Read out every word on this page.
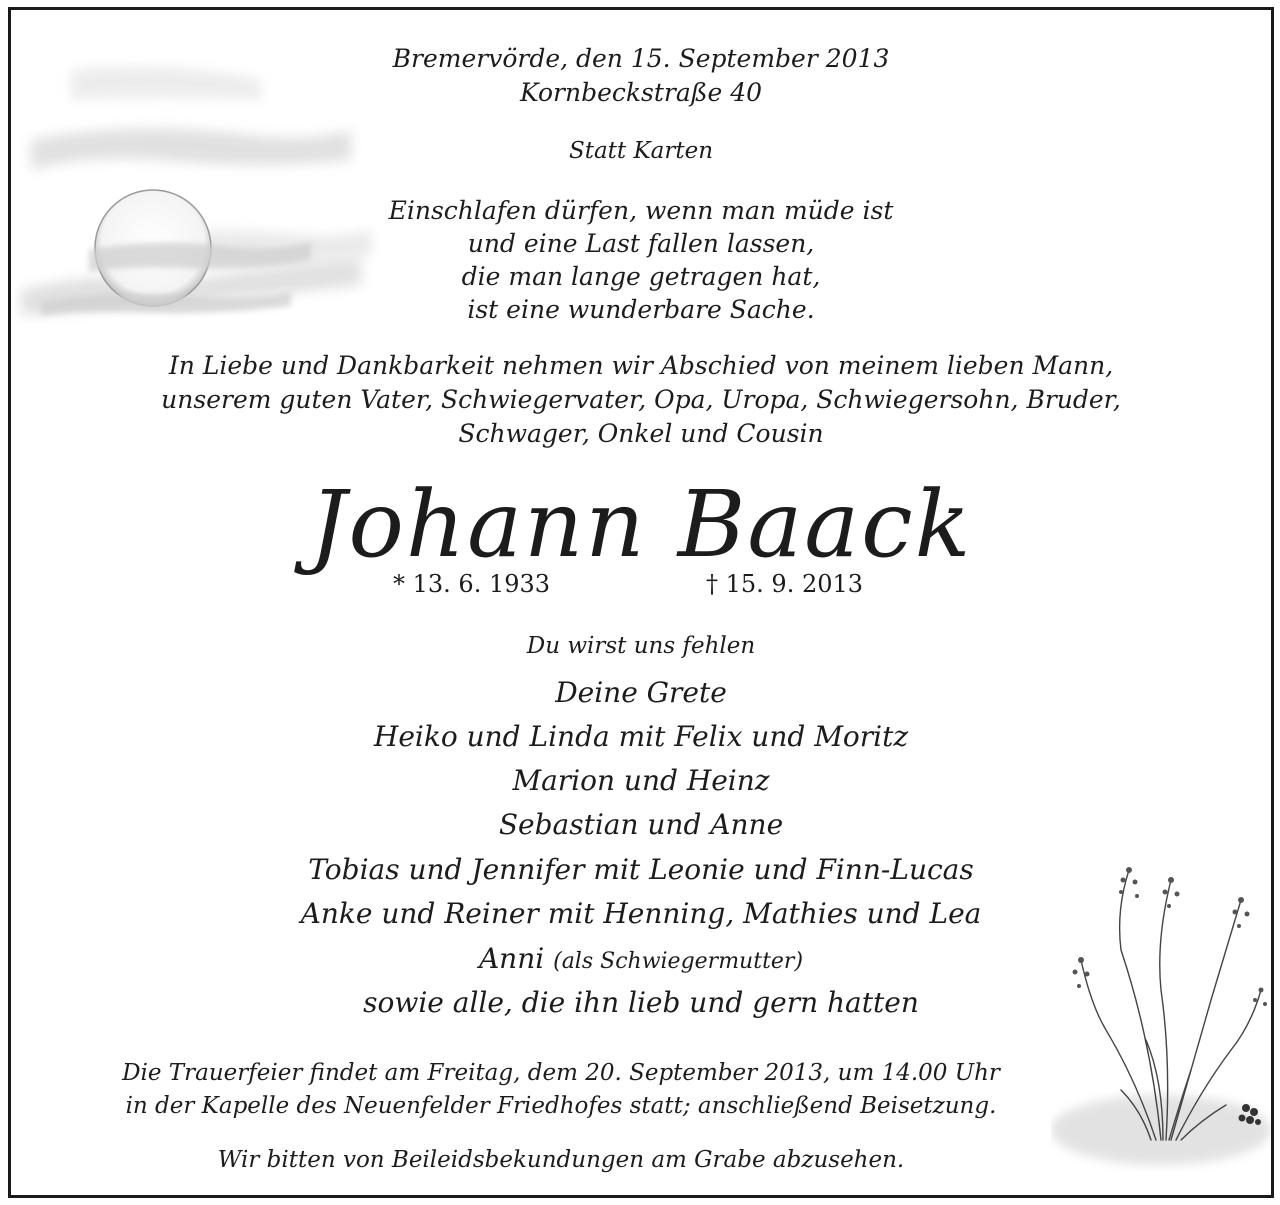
Bremervörde, den 15. September 2013
Kornbeckstraße 40
Statt Karten
Einschlafen dürfen, wenn man müde ist
und eine Last fallen lassen,
die man lange getragen hat,
ist eine wunderbare Sache.
In Liebe und Dankbarkeit nehmen wir Abschied von meinem lieben Mann,
unserem guten Vater, Schwiegervater, Opa, Uropa, Schwiegersohn, Bruder,
Schwager, Onkel und Cousin
Johann Baack
* 13. 6. 1933	† 15. 9. 2013
Du wirst uns fehlen
Deine Grete
Heiko und Linda mit Felix und Moritz
Marion und Heinz
Sebastian und Anne
Tobias und Jennifer mit Leonie und Finn-Lucas
Anke und Reiner mit Henning, Mathies und Lea
Anni (als Schwiegermutter)
sowie alle, die ihn lieb und gern hatten
Die Trauerfeier findet am Freitag, dem 20. September 2013, um 14.00 Uhr
in der Kapelle des Neuenfelder Friedhofes statt; anschließend Beisetzung.
Wir bitten von Beileidsbekundungen am Grabe abzusehen.
